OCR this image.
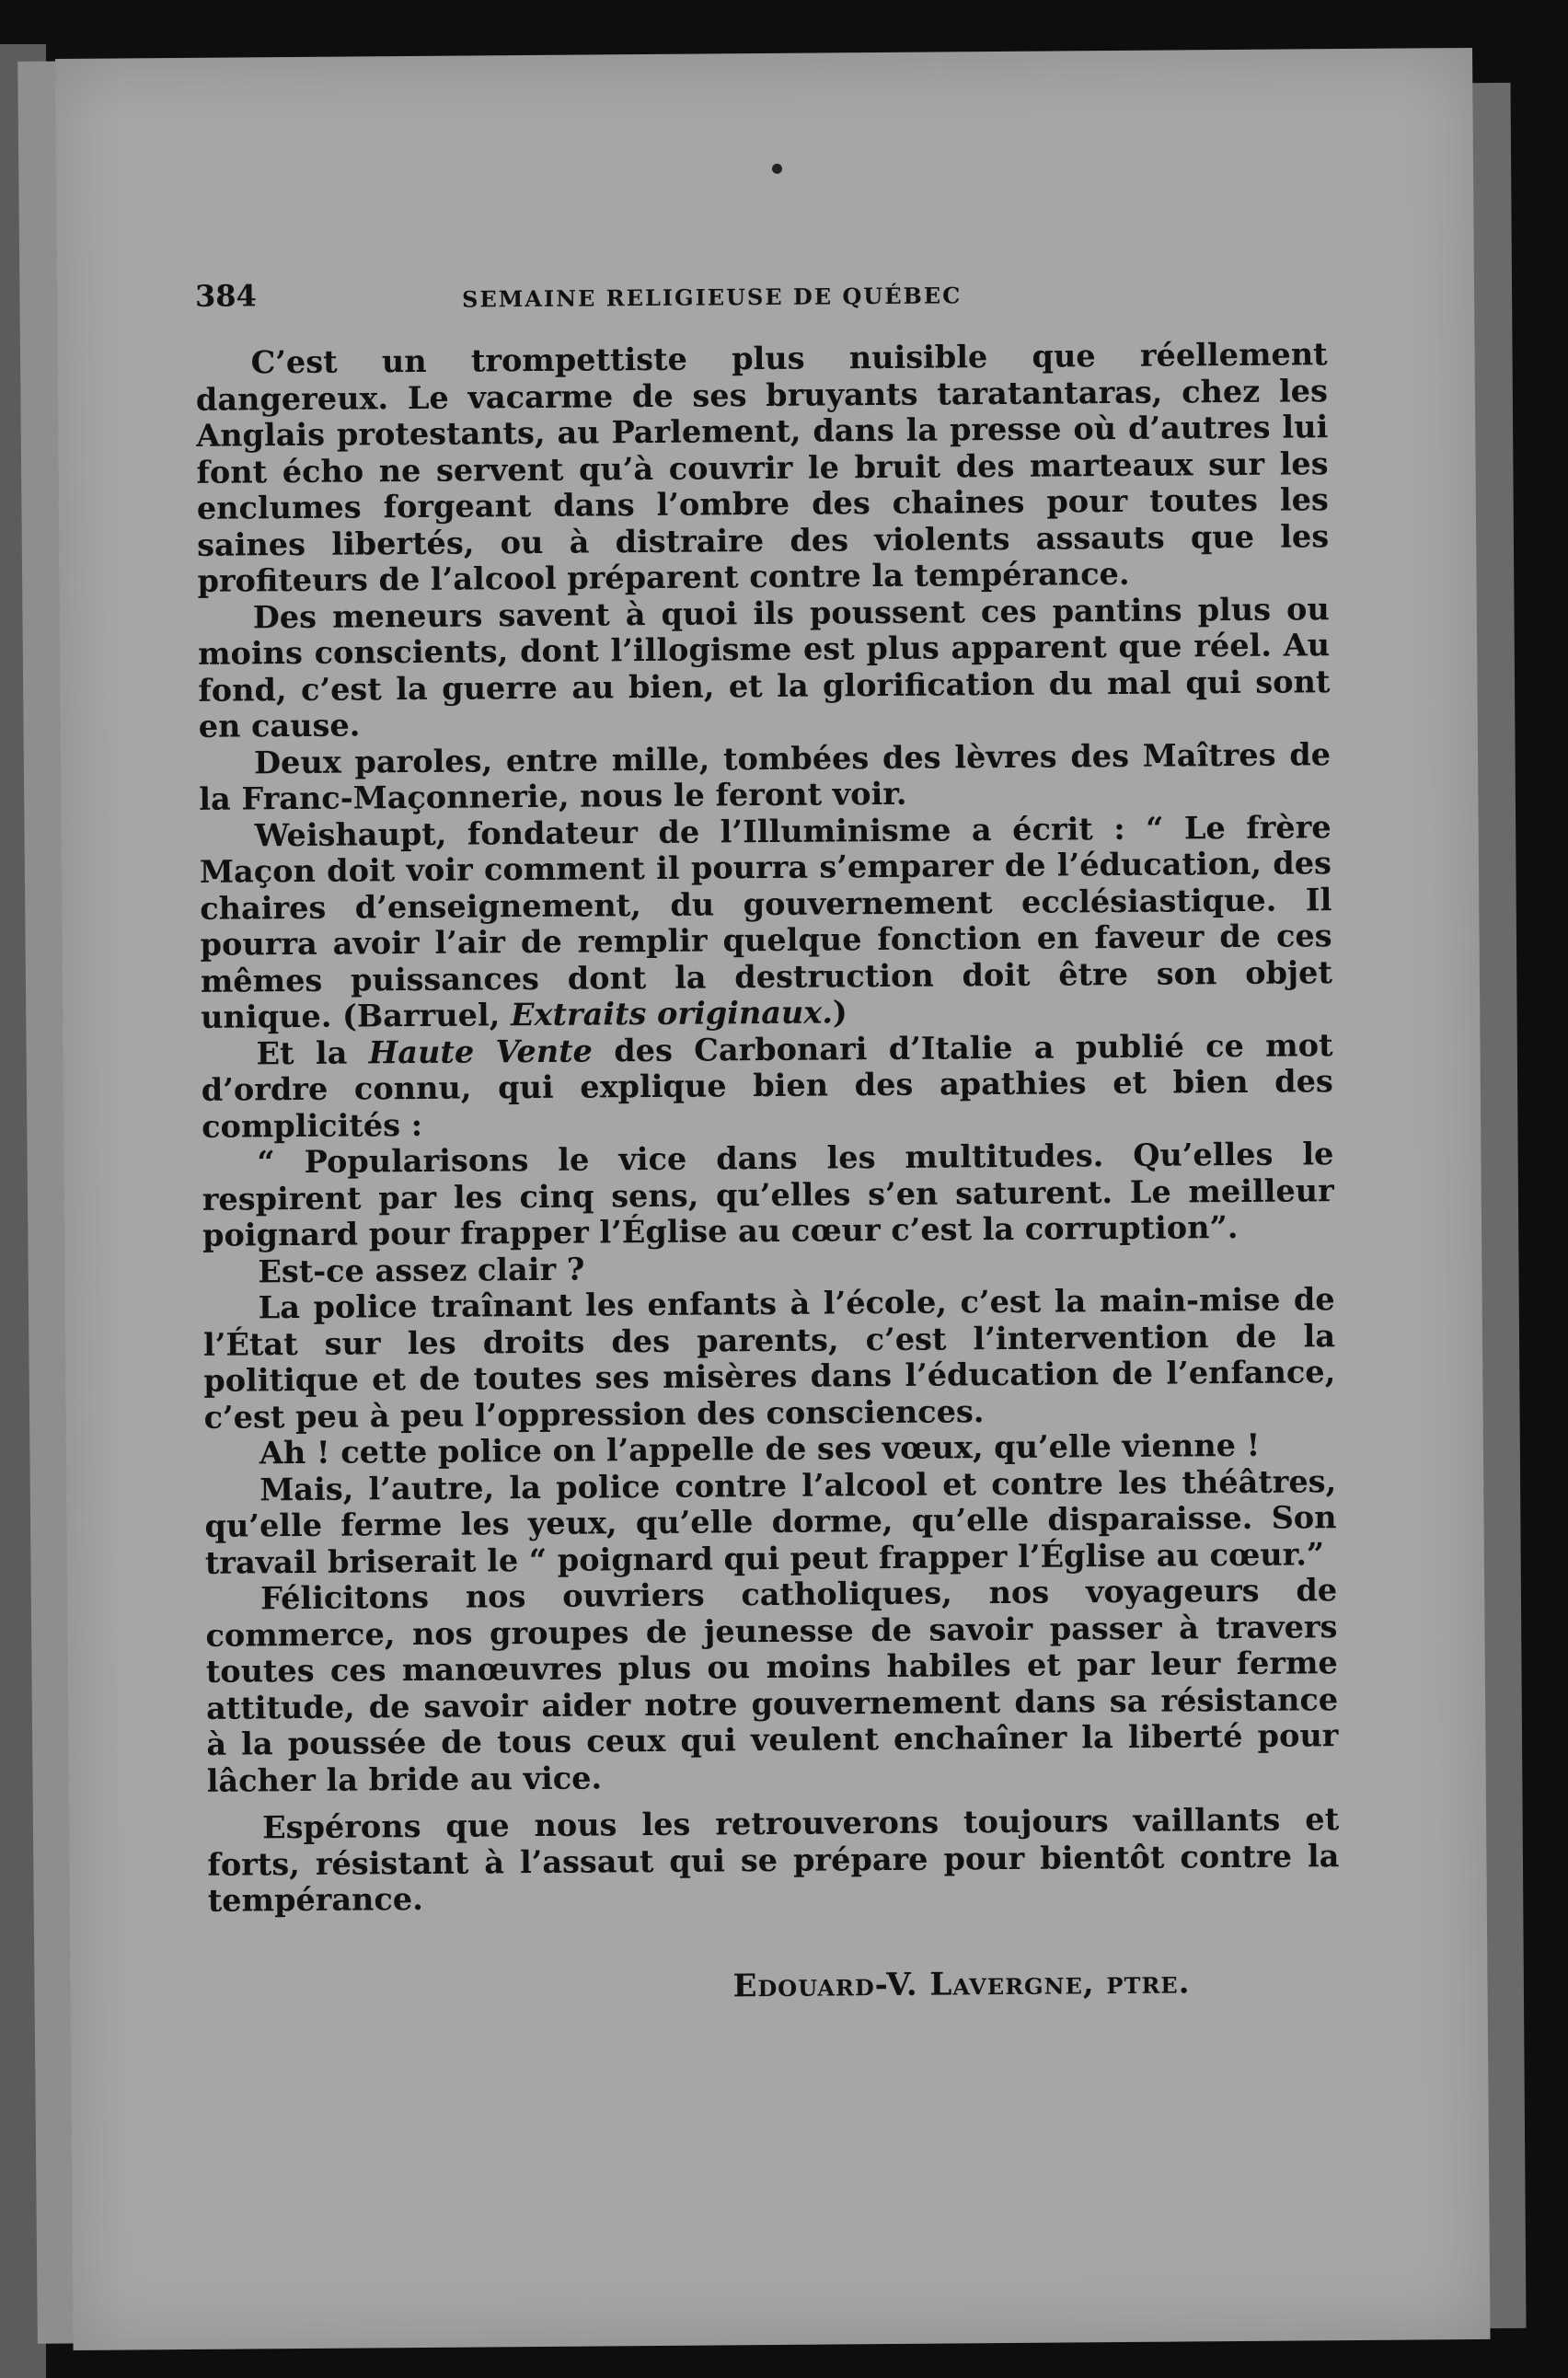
384	SEMAINE RELIGIEUSE DE QUÉBEC

C’est un trompettiste plus nuisible que réellement dangereux. Le vacarme de ses bruyants taratantaras, chez les Anglais protestants, au Parlement, dans la presse où d’autres lui font écho ne servent qu’à couvrir le bruit des marteaux sur les enclumes forgeant dans l’ombre des chaines pour toutes les saines libertés, ou à distraire des violents assauts que les profiteurs de l’alcool préparent contre la tempérance.

Des meneurs savent à quoi ils poussent ces pantins plus ou moins conscients, dont l’illogisme est plus apparent que réel. Au fond, c’est la guerre au bien, et la glorification du mal qui sont en cause.

Deux paroles, entre mille, tombées des lèvres des Maîtres de la Franc-Maçonnerie, nous le feront voir.

Weishaupt, fondateur de l’Illuminisme a écrit : “ Le frère Maçon doit voir comment il pourra s’emparer de l’éducation, des chaires d’enseignement, du gouvernement ecclésiastique. Il pourra avoir l’air de remplir quelque fonction en faveur de ces mêmes puissances dont la destruction doit être son objet unique. (Barruel, Extraits originaux.)

Et la Haute Vente des Carbonari d’Italie a publié ce mot d’ordre connu, qui explique bien des apathies et bien des complicités :

“ Popularisons le vice dans les multitudes. Qu’elles le respirent par les cinq sens, qu’elles s’en saturent. Le meilleur poignard pour frapper l’Église au cœur c’est la corruption”.

Est-ce assez clair ?

La police traînant les enfants à l’école, c’est la main-mise de l’État sur les droits des parents, c’est l’intervention de la politique et de toutes ses misères dans l’éducation de l’enfance, c’est peu à peu l’oppression des consciences.

Ah ! cette police on l’appelle de ses vœux, qu’elle vienne !

Mais, l’autre, la police contre l’alcool et contre les théâtres, qu’elle ferme les yeux, qu’elle dorme, qu’elle disparaisse. Son travail briserait le “ poignard qui peut frapper l’Église au cœur.”

Félicitons nos ouvriers catholiques, nos voyageurs de commerce, nos groupes de jeunesse de savoir passer à travers toutes ces manœuvres plus ou moins habiles et par leur ferme attitude, de savoir aider notre gouvernement dans sa résistance à la poussée de tous ceux qui veulent enchaîner la liberté pour lâcher la bride au vice.

Espérons que nous les retrouverons toujours vaillants et forts, résistant à l’assaut qui se prépare pour bientôt contre la tempérance.

Edouard-V. Lavergne, ptre.
